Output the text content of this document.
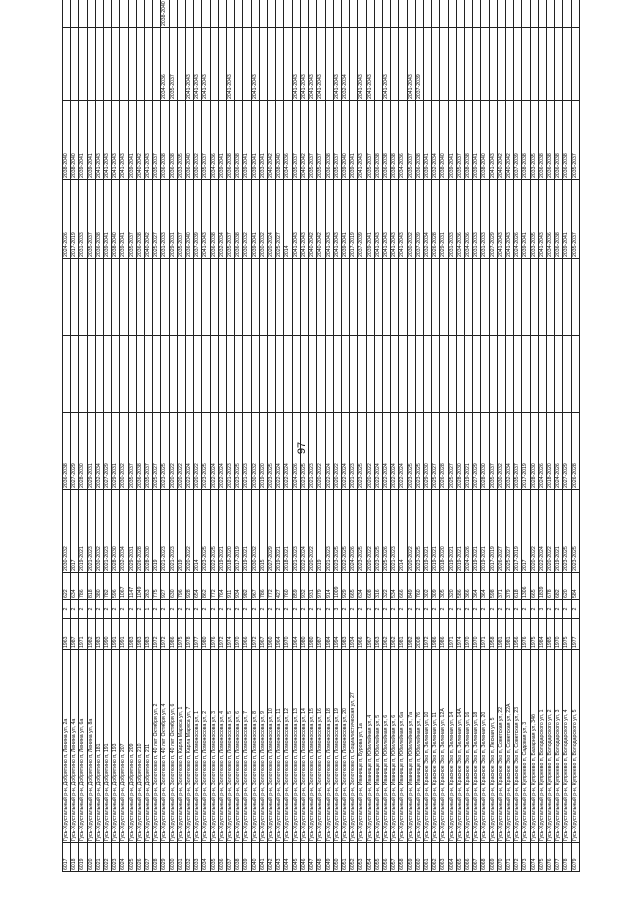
97
6017	Гусь-Хрустальный р-н, Добрятино п, Ленина ул, 2а	1963	2	622	2030-2032	2036-2038			2024-2026	2038-2040		
6018	Гусь-Хрустальный р-н, Добрятино п, Ленина ул, 4а	1987	2	634	2017	2027-2029			2017-2019	2038-2040		
6019	Гусь-Хрустальный р-н, Добрятино п, Ленина ул, 6а	1971	2	786	2019-2021	2028-2030			2031-2033	2039-2041		
6020	Гусь-Хрустальный р-н, Добрятино п, Ленина ул, 8а	1982	2	818	2021-2023	2029-2031			2035-2037	2039-2041		
6021	Гусь-Хрустальный р-н, Добрятино п, 181	1983	2	380	2030-2032	2032-2034			2036-2038	2041-2043		
6022	Гусь-Хрустальный р-н, Добрятино п, 191	1990	2	782	2021-2023	2027-2029			2039-2041	2041-2043		
6023	Гусь-Хрустальный р-н, Добрятино п, 193	1991	2	596	2028-2030	2029-2031			2038-2040	2041-2043		
6024	Гусь-Хрустальный р-н, Добрятино п, 207	1991	2	1067	2032-2034	2030-2032			2039-2041	2041-2043		
6025	Гусь-Хрустальный р-н, Добрятино п, 209	1983	2	1147	2029-2031	2035-2037			2035-2037	2039-2041		
6026	Гусь-Хрустальный р-н, Добрятино п, 210	1983	2	1049	2026-2028	2036-2038			2036-2038	2040-2042		
6027	Гусь-Хрустальный р-н, Добрятино п, 211	1983	1	263	2028-2030	2035-2037			2040-2042	2041-2043		
6028	Гусь-Хрустальный р-н, Золотково п, 40 лет Октября ул, 2	1972	2	775	2019	2025-2027			2025-2027	2035-2037		
6029	Гусь-Хрустальный р-н, Золотково п, 40 лет Октября ул, 4	1972	2	927	2021-2023	2023-2025			2031-2033	2036-2038	2034-2036	2038-2040
6030	Гусь-Хрустальный р-н, Золотково п, 40 лет Октября ул, 6	1986	2	630	2021-2023	2020-2022			2029-2031	2036-2038	2035-2037	
6031	Гусь-Хрустальный р-н, Золотково п, Карла Маркса ул, 1	1975	2	796	2019	2020-2022			2035-2037	2033-2035		
6032	Гусь-Хрустальный р-н, Золотково п, Карла Маркса ул, 7	1978	2	928	2020-2022	2022-2024			2036-2040	2036-2040	2041-2043	
6033	Гусь-Хрустальный р-н, Золотково п, Ломоносова ул, 1	1977	2	654	2014	2020-2022			2037-2039	2030-2032	2041-2043	
6034	Гусь-Хрустальный р-н, Золотково п, Ломоносова ул, 2	1980	2	862	2023-2025	2023-2025			2041-2043	2035-2037	2041-2043	
6035	Гусь-Хрустальный р-н, Золотково п, Ломоносова ул, 3	1976	2	772	2022-2025	2022-2024			2036-2038	2034-2036		
6036	Гусь-Хрустальный р-н, Золотково п, Ломоносова ул, 4	1972	2	764	2019-2021	2022-2024			2032-2034	2039-2041		
6037	Гусь-Хрустальный р-н, Золотково п, Ломоносова ул, 5	1974	2	911	2018-2020	2021-2023			2035-2037	2036-2038	2041-2043	
6038	Гусь-Хрустальный р-н, Золотково п, Ломоносова ул, 6	1970	2	934	2017-2019	2023-2025			2036-2038	2036-2038		
6039	Гусь-Хрустальный р-н, Золотково п, Ломоносова ул, 7	1966	2	982	2019-2021	2021-2023			2030-2032	2039-2041		
6040	Гусь-Хрустальный р-н, Золотково п, Ломоносова ул, 8	1972	2	967	2030-2032	2030-2032			2039-2041	2039-2041	2041-2043	
6041	Гусь-Хрустальный р-н, Золотково п, Ломоносова ул, 9	1967	2	786	2015	2019-2020			2030-2032	2033-2041		
6042	Гусь-Хрустальный р-н, Золотково п, Ломоносова ул, 10	1960	2	772	2027-2029	2023-2025			2020-2024	2040-2042		
6043	Гусь-Хрустальный р-н, Золотково п, Ломоносова ул, 11	1964	2	427	2019-2021	2022-2024			2025-2027	2038-2040		
6044	Гусь-Хрустальный р-н, Золотково п, Ломоносова ул, 12	1970	2	760	2018-2021	2022-2024			2014	2034-2036		
6045	Гусь-Хрустальный р-н, Золотково п, Ломоносова ул, 13	1964	2	859	2021-2023	2024-2026			2041-2043	2035-2037	2041-2043	
6046	Гусь-Хрустальный р-н, Золотково п, Ломоносова ул, 14	1980	2	932	2022-2024	2023-2025			2041-2043	2040-2042	2041-2043	
6047	Гусь-Хрустальный р-н, Золотково п, Ломоносова ул, 15	1980	2	931	2020-2022	2021-2023			2040-2042	2035-2037	2041-2043	
6048	Гусь-Хрустальный р-н, Золотково п, Ломоносова ул, 16	1987	2	979	2019	2020-2022			2040-2042	2035-2037	2041-2043	
6049	Гусь-Хрустальный р-н, Золотково п, Ломоносова ул, 18	1984	2	914	2021-2023	2022-2024			2041-2043	2036-2038		
6050	Гусь-Хрустальный р-н, Золотково п, Ломоносова ул, 19	1994	3	1009	2023-2025	2020-2022			2041-2043	2035-2037	2041-2043	
6051	Гусь-Хрустальный р-н, Золотково п, Ломоносова ул, 20	1983	2	929	2022-2025	2022-2024			2039-2041	2039-2040	2032-2034	
6052	Гусь-Хрустальный р-н, Золотково п, Социалистическая ул, 27	1934	2	665	2024-2026	2021-2023			2017-2019	2039-2041		
6053	Гусь-Хрустальный р-н, Иванище п, Бурова ул, 1а	1966	2	634	2023-2025	2023-2025			2037-2039	2041-2043	2041-2043	
6054	Гусь-Хрустальный р-н, Иванище п, Юбилейная ул, 4	1967	2	608	2020-2022	2020-2022			2039-2041	2035-2037	2041-2043	
6055	Гусь-Хрустальный р-н, Иванище п, Юбилейная ул, 5	1963	2	316	2023-2025	2022-2024			2041-2043	2036-2038		
6056	Гусь-Хрустальный р-н, Иванище п, Юбилейная ул, 6	1962	2	322	2025-2026	2022-2024			2041-2043	2036-2038	2041-2043	
6057	Гусь-Хрустальный р-н, Иванище п, Юбилейная ул, 6	1962	2	534	2021-2023	2022-2024			2041-2043	2038-2038		
6058	Гусь-Хрустальный р-н, Иванище п, Юбилейная ул, 6а	1981	2	666	2014	2022-2024			2041-2043	2034-2036		
6059	Гусь-Хрустальный р-н, Иванище п, Юбилейная ул, 7а	1982	2	849	2020-2022	2023-2025			2030-2032	2035-2037	2041-2043	
6060	Гусь-Хрустальный р-н, Иванище п, Юбилейная ул, 76	2008	2	760	2023-2025	2023-2025			2037-2039	2036-2038	2037-2039	
6061	Гусь-Хрустальный р-н, Красное Эхо п, Зеленая ул, 10	1972	2	302	2019-2021	2029-2030			2032-2034	2039-2041		
6062	Гусь-Хрустальный р-н, Красное Эхо п, Зеленая ул, 11	1986	2	309	2019-2021	2025-2027			2026-2028	2032-2034		
6063	Гусь-Хрустальный р-н, Красное Эхо п, Зеленая ул, 12А	1986	2	305	2018-2020	2026-2028			2029-2031	2038-2040		
6064	Гусь-Хрустальный р-н, Красное Эхо п, Зеленая ул, 14	1971	2	320	2019-2021	2025-2027			2031-2033	2039-2041		
6065	Гусь-Хрустальный р-н, Красное Эхо п, Зеленая ул, 14А	1974	2	586	2019-2021	2028-2030			2034-2036	2035-2037		
6066	Гусь-Хрустальный р-н, Красное Эхо п, Зеленая ул, 16	1970	2	366	2024-2026	2019-2021			2034-2036	2038-2038		
6067	Гусь-Хрустальный р-н, Красное Эхо п, Зеленая ул, 18	1970	2	364	2019-2021	2027-2029			2031-2033	2039-2041		
6068	Гусь-Хрустальный р-н, Красное Эхо п, Зеленая ул, 20	1971	2	364	2019-2021	2028-2030			2031-2033	2038-2040		
6069	Гусь-Хрустальный р-н, Красное Эхо п, Лесная ул, 5	1958	2	598	2017-2019	2035-2037			2027-2029	2041-2043		
6070	Гусь-Хрустальный р-н, Красное Эхо п, Советская ул, 22	1981	2	371	2026-2027	2030-2032			2041-2043	2040-2042		
6071	Гусь-Хрустальный р-н, Красное Эхо п, Советская ул, 22А	1981	2	379	2025-2027	2032-2034			2041-2043	2040-2042		
6072	Гусь-Хрустальный р-н, Красное Эхо п, Советская ул, 23	1956	2	618	2017-2019	2035-2037			2024-2026	2037-2039		
6073	Гусь-Хрустальный р-н, Купреево п, Садовая ул, 3	1976	2	1306	2017	2017-2019			2039-2041	2038-2038		
6074	Гусь-Хрустальный р-н, Купреево п, Базарная ул, 34б	1975	2	665	2020-2022	2028-2030			2033-2035	2033-2035		
6075	Гусь-Хрустальный р-н, Купреево п, Володарского ул, 1	1984	3	1839	2022-2024	2024-2026			2041-2043	2036-2038		
6076	Гусь-Хрустальный р-н, Купреево п, Володарского ул, 2	1985	2	678	2020-2022	2018-2020			2034-2036	2036-2038		
6077	Гусь-Хрустальный р-н, Купреево п, Володарского ул, 3	1970	2	682	2019-2021	2024-2026			2036-2038	2036-2038		
6078	Гусь-Хрустальный р-н, Купреево п, Володарского ул, 4	1975	2	620	2023-2025	2027-2029			2039-2041	2036-2038		
6079	Гусь-Хрустальный р-н, Купреево п, Володарского ул, 5	1977	2	584	2023-2025	2026-2028			2035-2037	2035-2037		
